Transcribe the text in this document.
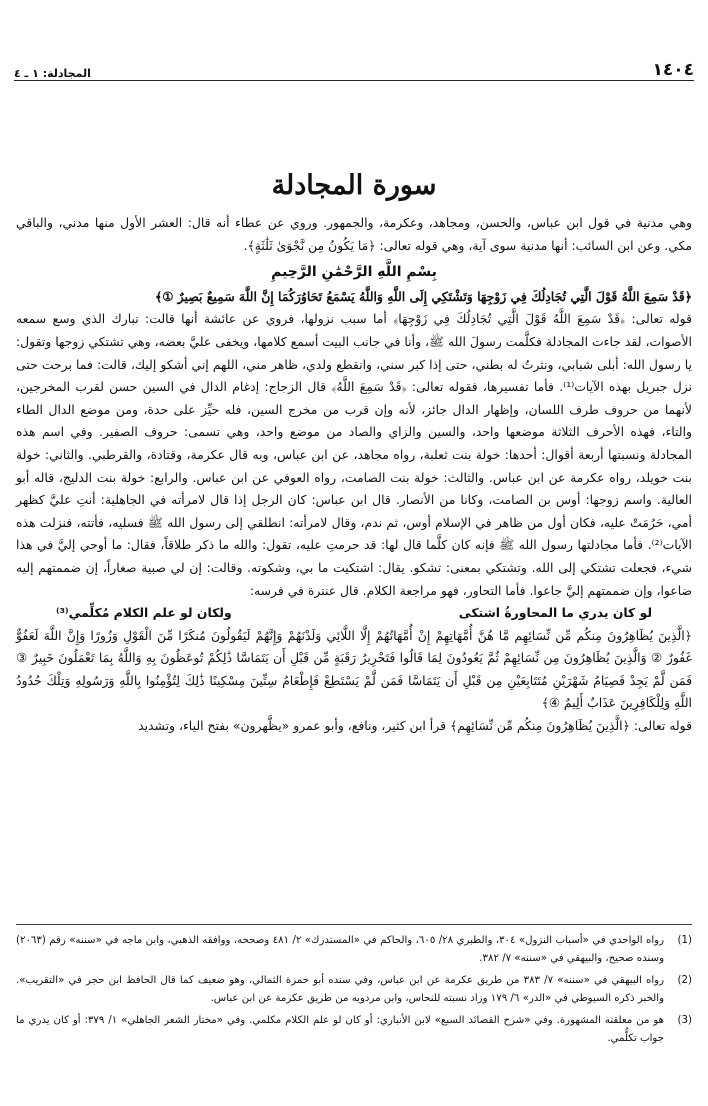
١٤٠٤
المجادلة: ١ ـ ٤
سورة المجادلة

وهي مدنية في قول ابن عباس، والحسن، ومجاهد، وعكرمة، والجمهور. وروي عن عطاء أنه قال: العشر الأول منها مدني، والباقي مكي. وعن ابن السائب: أنها مدنية سوى آية، وهي قوله تعالى: ﴿مَا يَكُونُ مِن نَّجْوَىٰ ثَلَٰثَةٍ﴾.

بِسْمِ اللَّهِ الرَّحْمَٰنِ الرَّحِيمِ

﴿قَدْ سَمِعَ اللَّهُ قَوْلَ الَّتِي تُجَادِلُكَ فِي زَوْجِهَا وَتَشْتَكِي إِلَى اللَّهِ وَاللَّهُ يَسْمَعُ تَحَاوُرَكُمَا إِنَّ اللَّهَ سَمِيعٌ بَصِيرٌ ①﴾

قوله تعالى: ﴿قَدْ سَمِعَ اللَّهُ قَوْلَ الَّتِي تُجَادِلُكَ فِي زَوْجِهَا﴾ أما سبب نزولها، فروي عن عائشة أنها قالت: تبارك الذي وسع سمعه الأصوات، لقد جاءت المجادلة فكلَّمت رسولَ الله ﷺ، وأنا في جانب البيت أسمع كلامها، ويخفى عليَّ بعضه، وهي تشتكي زوجها وتقول: يا رسول الله: أبلى شبابي، ونثرتُ له بطني، حتى إذا كبر سني، وانقطع ولدي، ظاهر مني، اللهم إني أشكو إليك، قالت: فما برحت حتى نزل جبريل بهذه الآيات⁽¹⁾. فأما تفسيرها، فقوله تعالى: ﴿قَدْ سَمِعَ اللَّهُ﴾ قال الزجاج: إدغام الدال في السين حسن لقرب المخرجين، لأنهما من حروف طرف اللسان، وإظهار الدال جائز، لأنه وإن قرب من مخرج السين، فله حيِّز على حدة، ومن موضع الدال الطاء والتاء، فهذه الأحرف الثلاثة موضعها واحد، والسين والزاي والصاد من موضع واحد، وهي تسمى: حروف الصفير. وفي اسم هذه المجادلة ونسبتها أربعة أقوال: أحدها: خولة بنت ثعلبة، رواه مجاهد، عن ابن عباس، وبه قال عكرمة، وقتادة، والقرطبي. والثاني: خولة بنت خويلد، رواه عكرمة عن ابن عباس. والثالث: خولة بنت الصامت، رواه العوفي عن ابن عباس. والرابع: خولة بنت الدليج، قاله أبو العالية. واسم زوجها: أوس بن الصامت، وكانا من الأنصار. قال ابن عباس: كان الرجل إذا قال لامرأته في الجاهلية: أنتِ عليَّ كظهر أمي، حَرُمَتْ عليه، فكان أول من ظاهر في الإسلام أوس، ثم ندم، وقال لامرأته: انطلقي إلى رسول الله ﷺ فسليه، فأتته، فنزلت هذه الآيات⁽²⁾. فأما مجادلتها رسول الله ﷺ فإنه كان كلَّما قال لها: قد حرمتِ عليه، تقول: والله ما ذكر طلاقاً، فقال: ما أوحي إليَّ في هذا شيء، فجعلت تشتكي إلى الله. وتشتكي بمعنى: تشكو. يقال: اشتكيت ما بي، وشكوته. وقالت: إن لي صبية صغاراً، إن ضممتهم إليه ضاعوا، وإن ضممتهم إليَّ جاعوا. فأما التحاور، فهو مراجعة الكلام. قال عنترة في فرسه:

لو كان يدري ما المحاورةُ اشتكى
ولكان لو علم الكلام مُكلِّمي⁽³⁾

﴿الَّذِينَ يُظَاهِرُونَ مِنكُم مِّن نِّسَائِهِم مَّا هُنَّ أُمَّهَاتِهِمْ إِنْ أُمَّهَاتُهُمْ إِلَّا اللَّائِي وَلَدْنَهُمْ وَإِنَّهُمْ لَيَقُولُونَ مُنكَرًا مِّنَ الْقَوْلِ وَزُورًا وَإِنَّ اللَّهَ لَعَفُوٌّ غَفُورٌ ② وَالَّذِينَ يُظَاهِرُونَ مِن نِّسَائِهِمْ ثُمَّ يَعُودُونَ لِمَا قَالُوا فَتَحْرِيرُ رَقَبَةٍ مِّن قَبْلِ أَن يَتَمَاسَّا ذَٰلِكُمْ تُوعَظُونَ بِهِ وَاللَّهُ بِمَا تَعْمَلُونَ خَبِيرٌ ③ فَمَن لَّمْ يَجِدْ فَصِيَامُ شَهْرَيْنِ مُتَتَابِعَيْنِ مِن قَبْلِ أَن يَتَمَاسَّا فَمَن لَّمْ يَسْتَطِعْ فَإِطْعَامُ سِتِّينَ مِسْكِينًا ذَٰلِكَ لِتُؤْمِنُوا بِاللَّهِ وَرَسُولِهِ وَتِلْكَ حُدُودُ اللَّهِ وَلِلْكَافِرِينَ عَذَابٌ أَلِيمٌ ④﴾

قوله تعالى: ﴿الَّذِينَ يُظَاهِرُونَ مِنكُم مِّن نِّسَائِهِم﴾ قرأ ابن كثير، ونافع، وأبو عمرو «يظَّهرون» بفتح الياء، وتشديد

(1)
رواه الواحدي في «أسباب النزول» ٣٠٤، والطبري ٢٨/ ٦٠٥، والحاكم في «المستدرك» ٢/ ٤٨١ وصححه، ووافقه الذهبي، وابن ماجه في «سننه» رقم (٢٠٦٣) وسنده صحيح، والبيهقي في «سننه» ٧/ ٣٨٢.
(2)
رواه البيهقي في «سننه» ٧/ ٣٨٣ من طريق عكرمة عن ابن عباس، وفي سنده أبو حمزة الثمالي، وهو ضعيف كما قال الحافظ ابن حجر في «التقريب». والخبر ذكره السيوطي في «الدر» ٦/ ١٧٩ وزاد نسبته للنحاس، وابن مردويه من طريق عكرمة عن ابن عباس.
(3)
هو من معلقته المشهورة. وفي «شرح القصائد السبع» لابن الأنباري: أو كان لو علم الكلام مكلمي. وفي «مختار الشعر الجاهلي» ١/ ٣٧٩: أو كان يدري ما جواب تكلُّمي.
